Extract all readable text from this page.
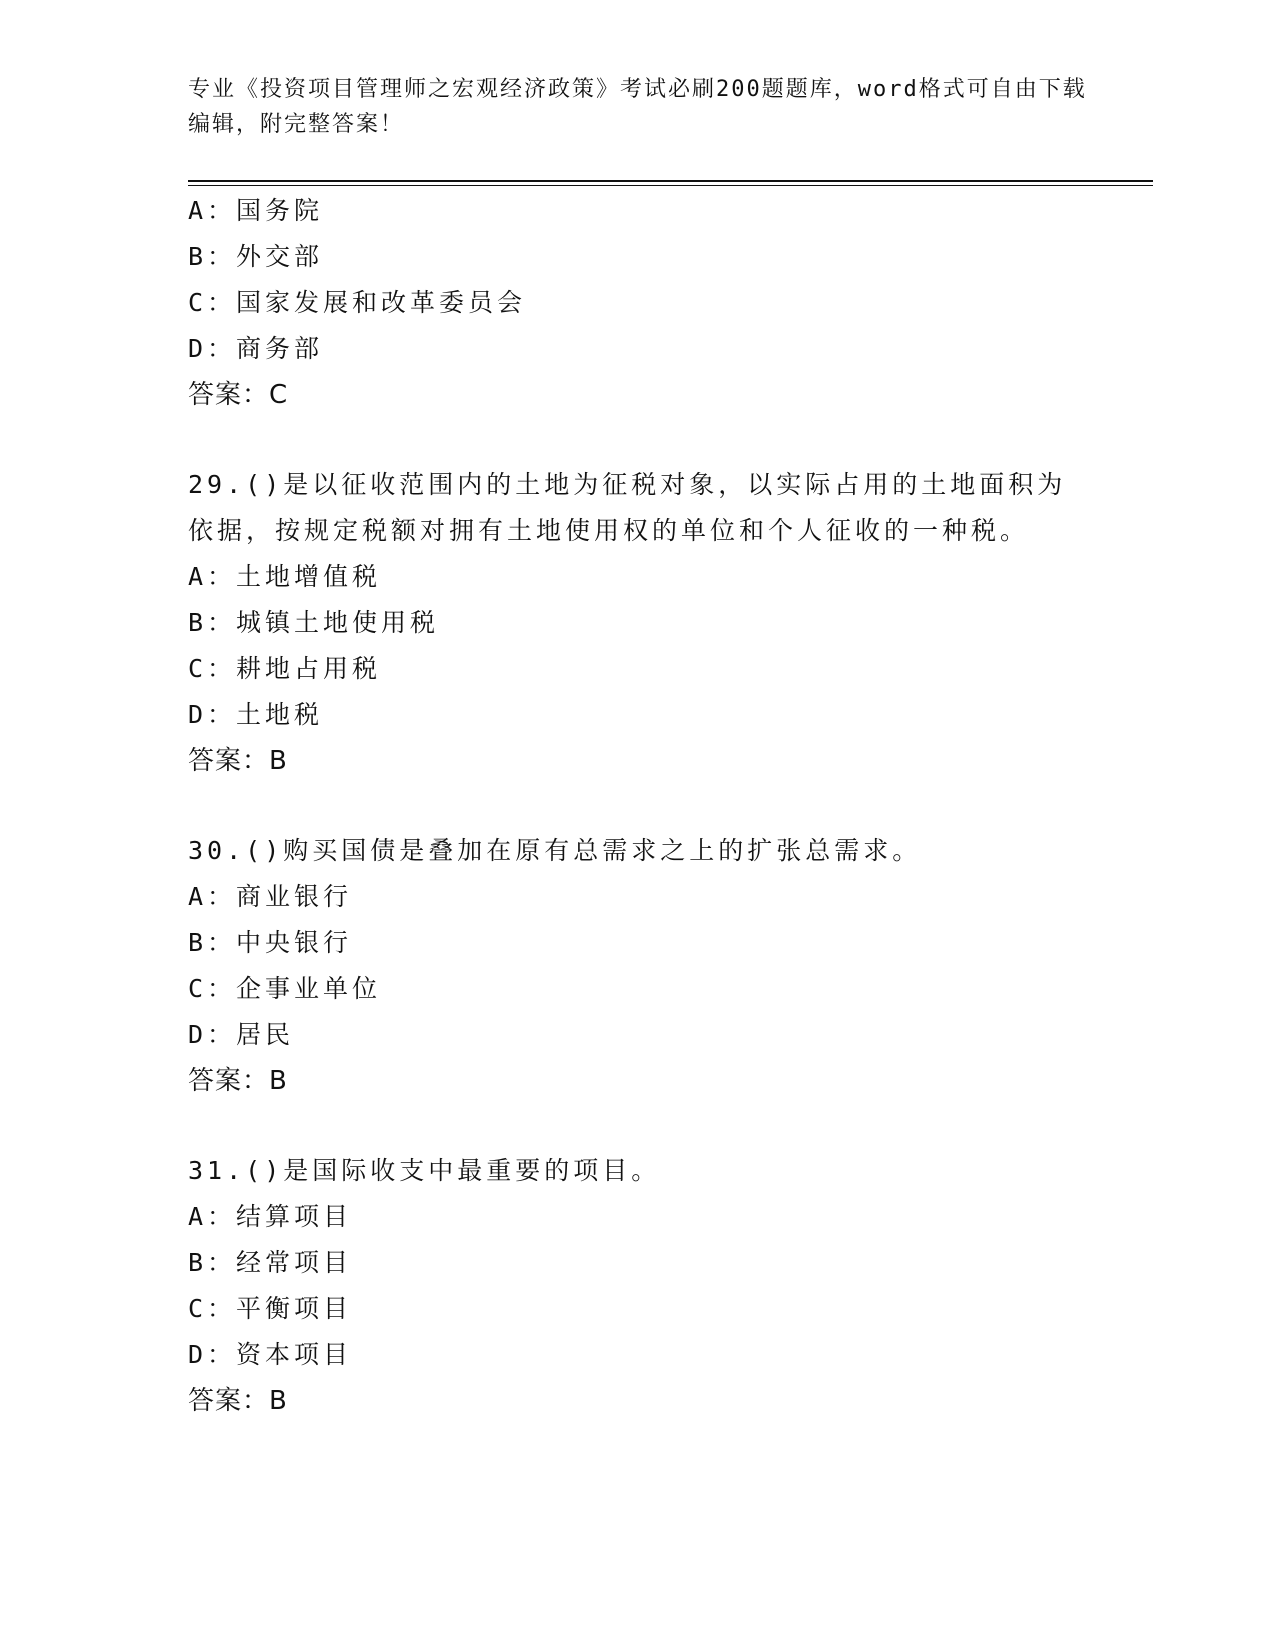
专业《投资项目管理师之宏观经济政策》考试必刷200题题库，word格式可自由下载编辑，附完整答案！
A：国务院
B：外交部
C：国家发展和改革委员会
D：商务部
答案：C
29.()是以征收范围内的土地为征税对象，以实际占用的土地面积为依据，按规定税额对拥有土地使用权的单位和个人征收的一种税。
A：土地增值税
B：城镇土地使用税
C：耕地占用税
D：土地税
答案：B
30.()购买国债是叠加在原有总需求之上的扩张总需求。
A：商业银行
B：中央银行
C：企事业单位
D：居民
答案：B
31.()是国际收支中最重要的项目。
A：结算项目
B：经常项目
C：平衡项目
D：资本项目
答案：B
